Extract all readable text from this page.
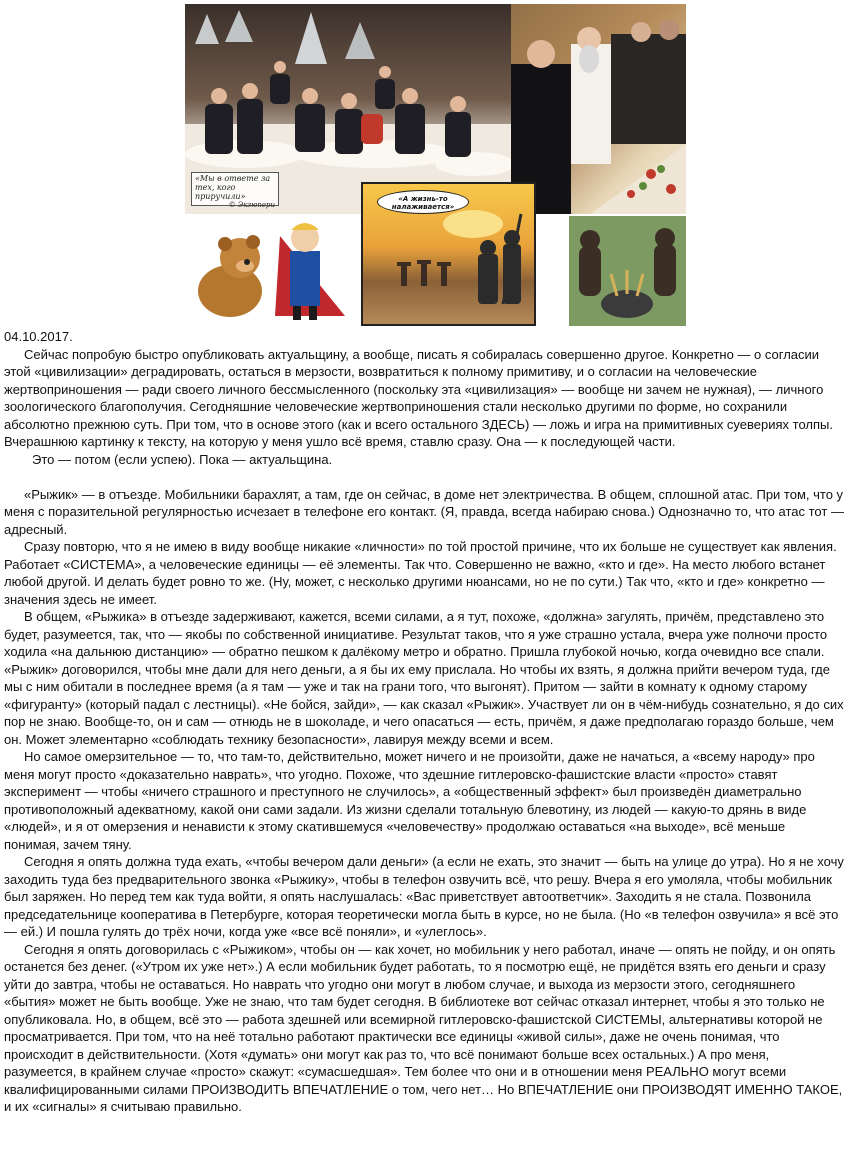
«Мы в ответе за тех, кого приручили»
© Экзюпери
«А жизнь-то налаживается»

04.10.2017.

Сейчас попробую быстро опубликовать актуальщину, а вообще, писать я собиралась совершенно другое. Конкретно — о согласии этой «цивилизации» деградировать, остаться в мерзости, возвратиться к полному примитиву, и о согласии на человеческие жертвоприношения — ради своего личного бессмысленного (поскольку эта «цивилизация» — вообще ни зачем не нужная), — личного зоологического благополучия. Сегодняшние человеческие жертвоприношения стали несколько другими по форме, но сохранили абсолютно прежнюю суть. При том, что в основе этого (как и всего остального ЗДЕСЬ) — ложь и игра на примитивных суевериях толпы. Вчерашнюю картинку к тексту, на которую у меня ушло всё время, ставлю сразу. Она — к последующей части.

Это — потом (если успею). Пока — актуальщина.

«Рыжик» — в отъезде. Мобильники барахлят, а там, где он сейчас, в доме нет электричества. В общем, сплошной атас. При том, что у меня с поразительной регулярностью исчезает в телефоне его контакт. (Я, правда, всегда набираю снова.) Однозначно то, что атас тот — адресный.

Сразу повторю, что я не имею в виду вообще никакие «личности» по той простой причине, что их больше не существует как явления. Работает «СИСТЕМА», а человеческие единицы — её элементы. Так что. Совершенно не важно, «кто и где». На место любого встанет любой другой. И делать будет ровно то же. (Ну, может, с несколько другими нюансами, но не по сути.) Так что, «кто и где» конкретно — значения здесь не имеет.

В общем, «Рыжика» в отъезде задерживают, кажется, всеми силами, а я тут, похоже, «должна» загулять, причём, представлено это будет, разумеется, так, что — якобы по собственной инициативе. Результат таков, что я уже страшно устала, вчера уже полночи просто ходила «на дальнюю дистанцию» — обратно пешком к далёкому метро и обратно. Пришла глубокой ночью, когда очевидно все спали. «Рыжик» договорился, чтобы мне дали для него деньги, а я бы их ему прислала. Но чтобы их взять, я должна прийти вечером туда, где мы с ним обитали в последнее время (а я там — уже и так на грани того, что выгонят). Притом — зайти в комнату к одному старому «фигуранту» (который падал с лестницы). «Не бойся, зайди», — как сказал «Рыжик». Участвует ли он в чём-нибудь сознательно, я до сих пор не знаю. Вообще-то, он и сам — отнюдь не в шоколаде, и чего опасаться — есть, причём, я даже предполагаю гораздо больше, чем он. Может элементарно «соблюдать технику безопасности», лавируя между всеми и всем.

Но самое омерзительное — то, что там-то, действительно, может ничего и не произойти, даже не начаться, а «всему народу» про меня могут просто «доказательно наврать», что угодно. Похоже, что здешние гитлеровско-фашистские власти «просто» ставят эксперимент — чтобы «ничего страшного и преступного не случилось», а «общественный эффект» был произведён диаметрально противоположный адекватному, какой они сами задали. Из жизни сделали тотальную блевотину, из людей — какую-то дрянь в виде «людей», и я от омерзения и ненависти к этому скатившемуся «человечеству» продолжаю оставаться «на выходе», всё меньше понимая, зачем тяну.

Сегодня я опять должна туда ехать, «чтобы вечером дали деньги» (а если не ехать, это значит — быть на улице до утра). Но я не хочу заходить туда без предварительного звонка «Рыжику», чтобы в телефон озвучить всё, что решу. Вчера я его умоляла, чтобы мобильник был заряжен. Но перед тем как туда войти, я опять наслушалась: «Вас приветствует автоответчик». Заходить я не стала. Позвонила председательнице кооператива в Петербурге, которая теоретически могла быть в курсе, но не была. (Но «в телефон озвучила» я всё это — ей.) И пошла гулять до трёх ночи, когда уже «все всё поняли», и «улеглось».

Сегодня я опять договорилась с «Рыжиком», чтобы он — как хочет, но мобильник у него работал, иначе — опять не пойду, и он опять останется без денег. («Утром их уже нет».) А если мобильник будет работать, то я посмотрю ещё, не придётся взять его деньги и сразу уйти до завтра, чтобы не оставаться. Но наврать что угодно они могут в любом случае, и выхода из мерзости этого, сегодняшнего «бытия» может не быть вообще. Уже не знаю, что там будет сегодня. В библиотеке вот сейчас отказал интернет, чтобы я это только не опубликовала. Но, в общем, всё это — работа здешней или всемирной гитлеровско-фашистской СИСТЕМЫ, альтернативы которой не просматривается. При том, что на неё тотально работают практически все единицы «живой силы», даже не очень понимая, что происходит в действительности. (Хотя «думать» они могут как раз то, что всё понимают больше всех остальных.) А про меня, разумеется, в крайнем случае «просто» скажут: «сумасшедшая». Тем более что они и в отношении меня РЕАЛЬНО могут всеми квалифицированными силами ПРОИЗВОДИТЬ ВПЕЧАТЛЕНИЕ о том, чего нет… Но ВПЕЧАТЛЕНИЕ они ПРОИЗВОДЯТ ИМЕННО ТАКОЕ, и их «сигналы» я считываю правильно.
